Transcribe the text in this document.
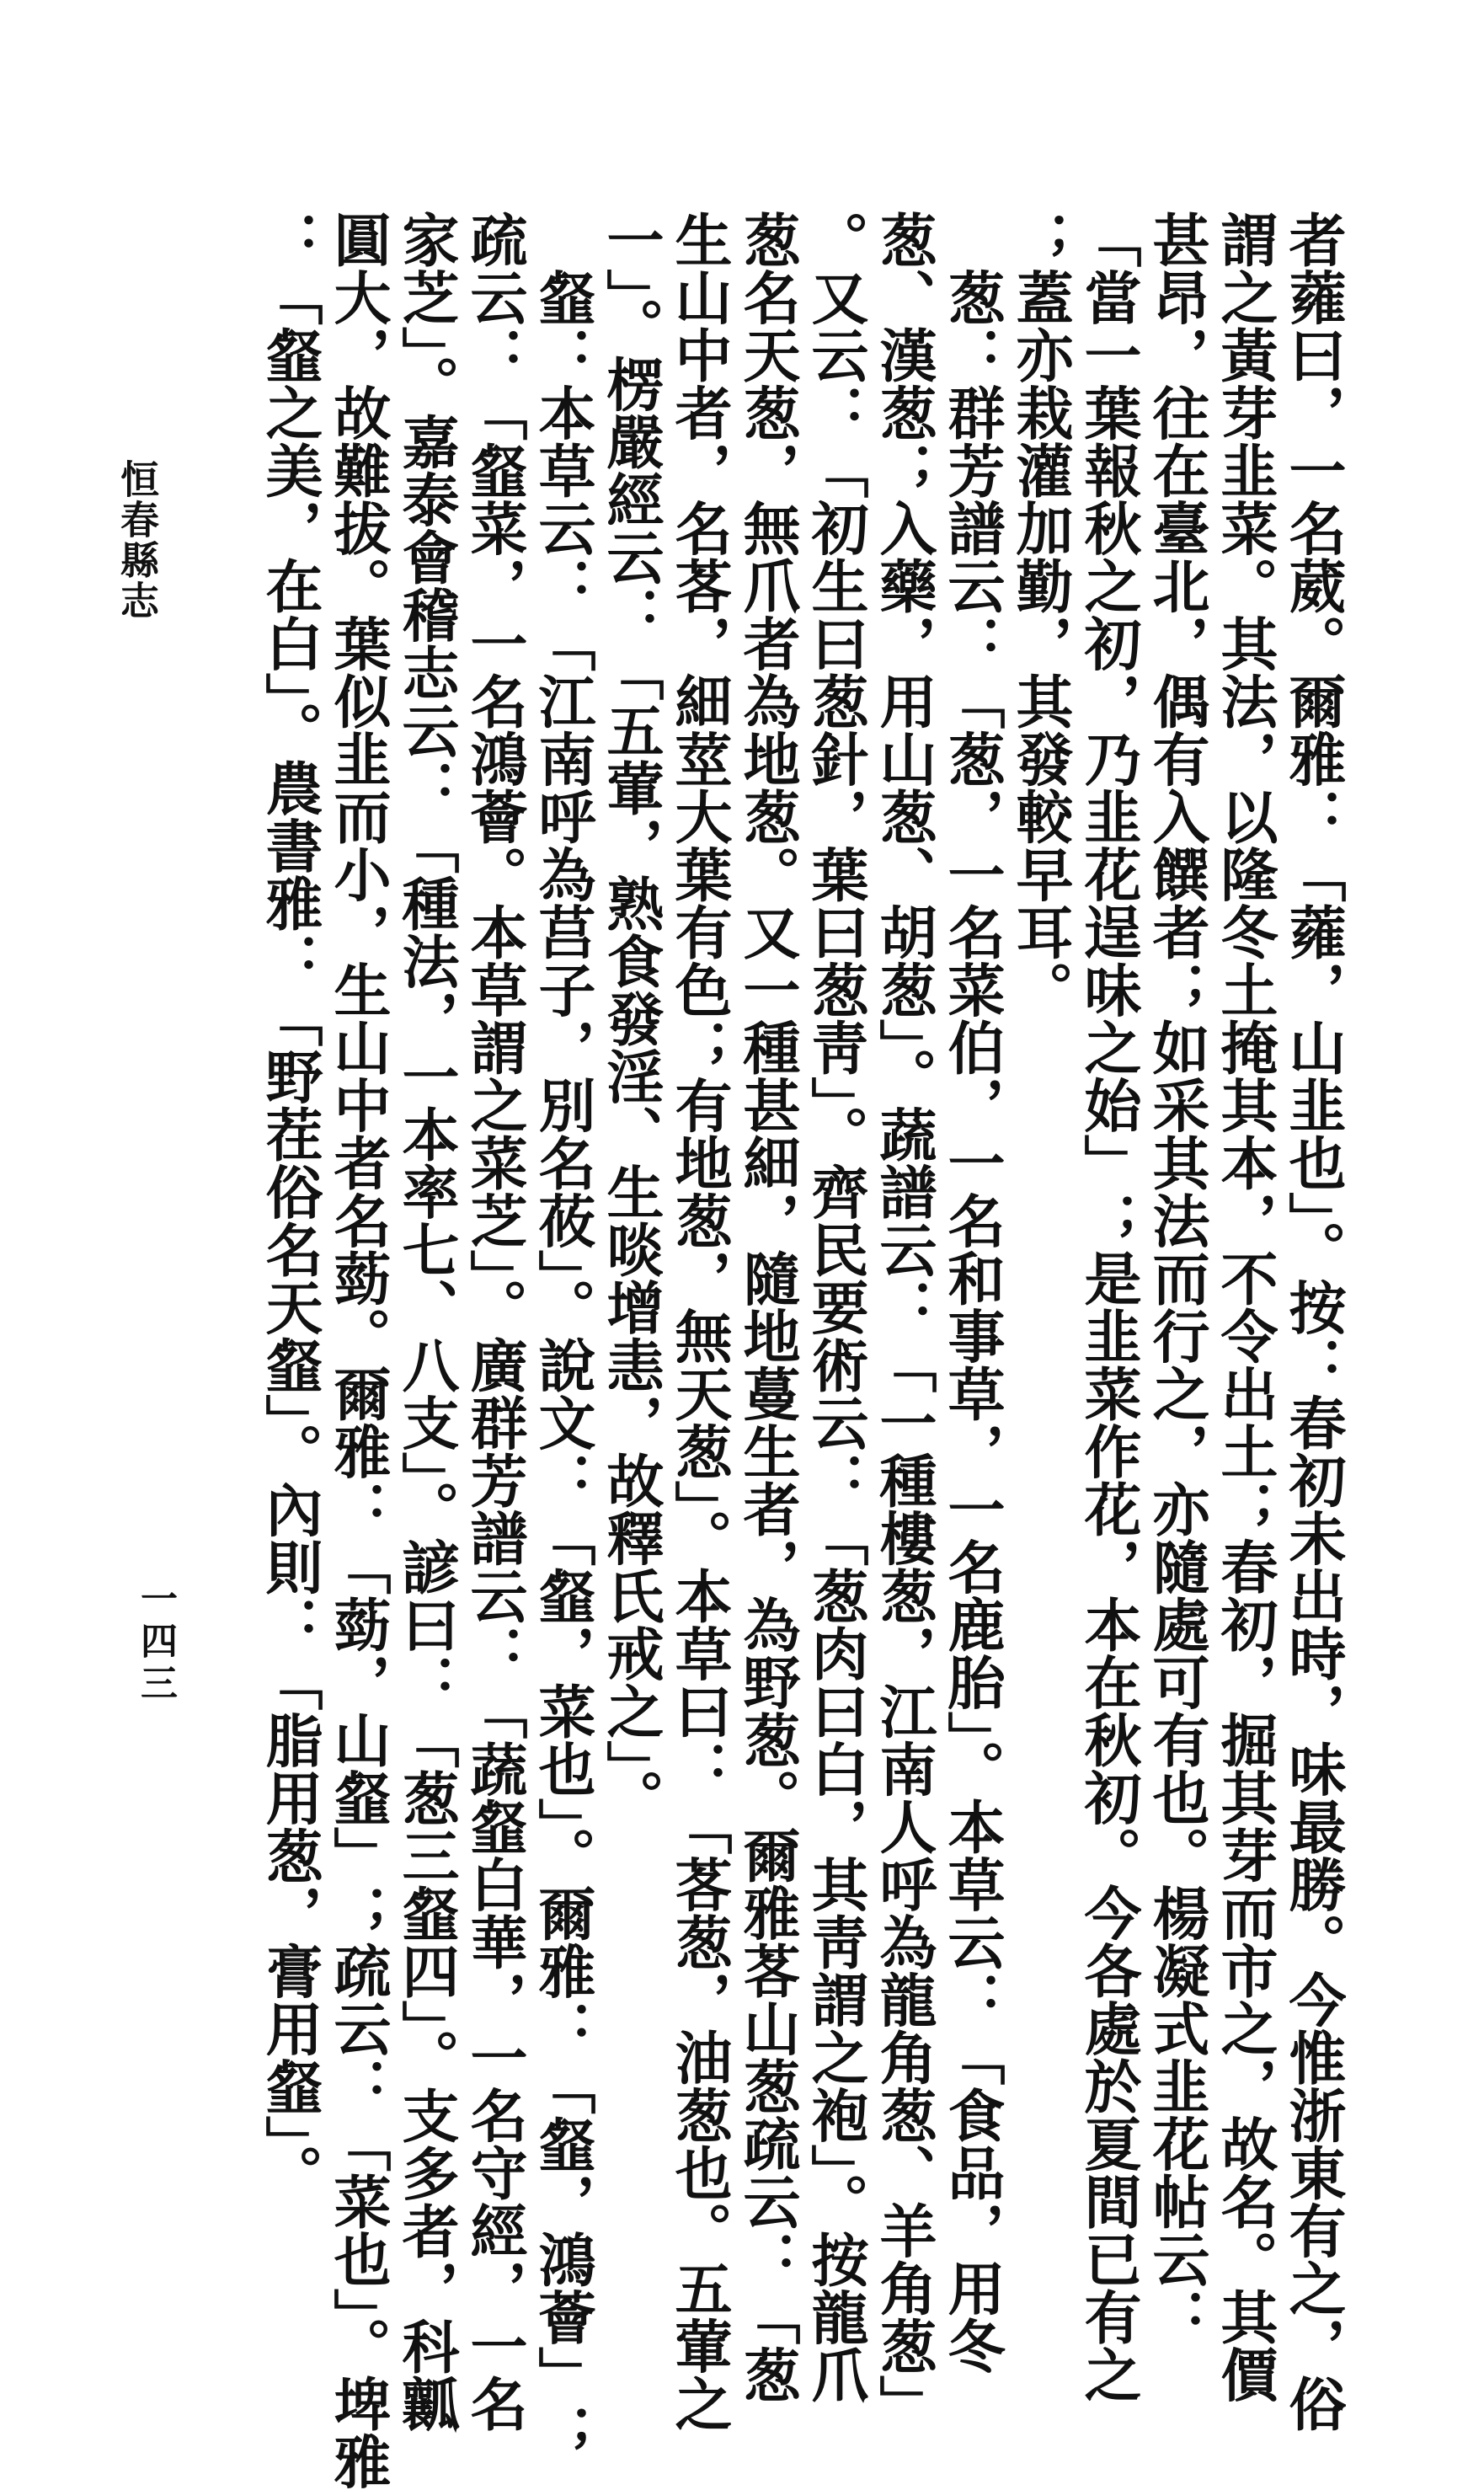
者蕹曰，一名葳。爾雅：「蕹，山韭也」。按：春初未出時，味最勝。今惟浙東有之，俗
謂之黃芽韭菜。其法，以隆冬土掩其本，不令出土；春初，掘其芽而市之，故名。其價
甚昂，往在臺北，偶有入饌者；如采其法而行之，亦隨處可有也。楊凝式韭花帖云：
「當一葉報秋之初，乃韭花逞味之始」；是韭菜作花，本在秋初。今各處於夏間已有之
；蓋亦栽灌加勤，其發較早耳。
　葱：群芳譜云：「葱，一名菜伯，一名和事草，一名鹿胎」。本草云：「食品，用冬
葱、漢葱；入藥，用山葱、胡葱」。蔬譜云：「一種樓葱，江南人呼為龍角葱、羊角葱」
。又云：「初生曰葱針，葉曰葱靑」。齊民要術云：「葱肉曰白，其靑謂之袍」。按龍爪
葱名天葱，無爪者為地葱。又一種甚細，隨地蔓生者，為野葱。爾雅茖山葱疏云：「葱
生山中者，名茖，細莖大葉有色；有地葱，無天葱」。本草曰：「茖葱，油葱也。五葷之
一」。楞嚴經云：「五葷，熟食發淫、生啖增恚，故釋氏戒之」。
　韰：本草云：「江南呼為莒子，別名莜」。說文：「韰，菜也」。爾雅：「韰，鴻薈」；
疏云：「韰菜，一名鴻薈。本草謂之菜芝」。廣群芳譜云：「蔬韰白華，一名守經，一名
家芝」。嘉泰會稽志云：「種法，一本率七、八支」。諺曰：「葱三韰四」。支多者，科瓤
圓大，故難拔。葉似韭而小，生山中者名葝。爾雅：「葝，山韰」；疏云：「菜也」。埤雅
：「韰之美，在白」。農書雅：「野茬俗名天韰」。內則：「脂用葱，膏用韰」。
恒春縣志
一四三
